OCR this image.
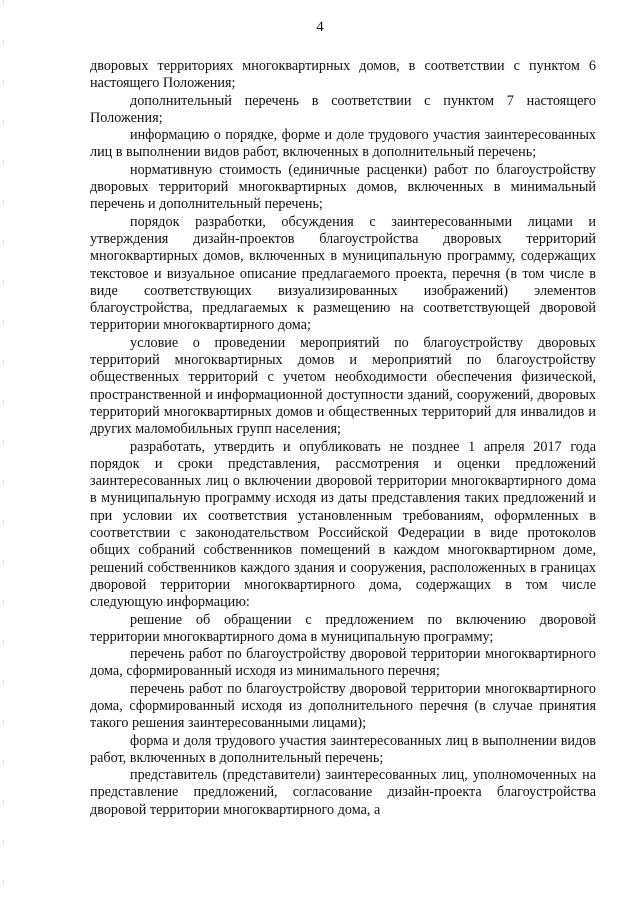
4

дворовых территориях многоквартирных домов, в соответствии с пунктом 6 настоящего Положения;

дополнительный перечень в соответствии с пунктом 7 настоящего Положения;

информацию о порядке, форме и доле трудового участия заинтересованных лиц в выполнении видов работ, включенных в дополнительный перечень;

нормативную стоимость (единичные расценки) работ по благоустройству дворовых территорий многоквартирных домов, включенных в минимальный перечень и дополнительный перечень;

порядок разработки, обсуждения с заинтересованными лицами и утверждения дизайн-проектов благоустройства дворовых территорий многоквартирных домов, включенных в муниципальную программу, содержащих текстовое и визуальное описание предлагаемого проекта, перечня (в том числе в виде соответствующих визуализированных изображений) элементов благоустройства, предлагаемых к размещению на соответствующей дворовой территории многоквартирного дома;

условие о проведении мероприятий по благоустройству дворовых территорий многоквартирных домов и мероприятий по благоустройству общественных территорий с учетом необходимости обеспечения физической, пространственной и информационной доступности зданий, сооружений, дворовых территорий многоквартирных домов и общественных территорий для инвалидов и других маломобильных групп населения;

разработать, утвердить и опубликовать не позднее 1 апреля 2017 года порядок и сроки представления, рассмотрения и оценки предложений заинтересованных лиц о включении дворовой территории многоквартирного дома в муниципальную программу исходя из даты представления таких предложений и при условии их соответствия установленным требованиям, оформленных в соответствии с законодательством Российской Федерации в виде протоколов общих собраний собственников помещений в каждом многоквартирном доме, решений собственников каждого здания и сооружения, расположенных в границах дворовой территории многоквартирного дома, содержащих в том числе следующую информацию:

решение об обращении с предложением по включению дворовой территории многоквартирного дома в муниципальную программу;

перечень работ по благоустройству дворовой территории многоквартирного дома, сформированный исходя из минимального перечня;

перечень работ по благоустройству дворовой территории многоквартирного дома, сформированный исходя из дополнительного перечня (в случае принятия такого решения заинтересованными лицами);

форма и доля трудового участия заинтересованных лиц в выполнении видов работ, включенных в дополнительный перечень;

представитель (представители) заинтересованных лиц, уполномоченных на представление предложений, согласование дизайн-проекта благоустройства дворовой территории многоквартирного дома, а
